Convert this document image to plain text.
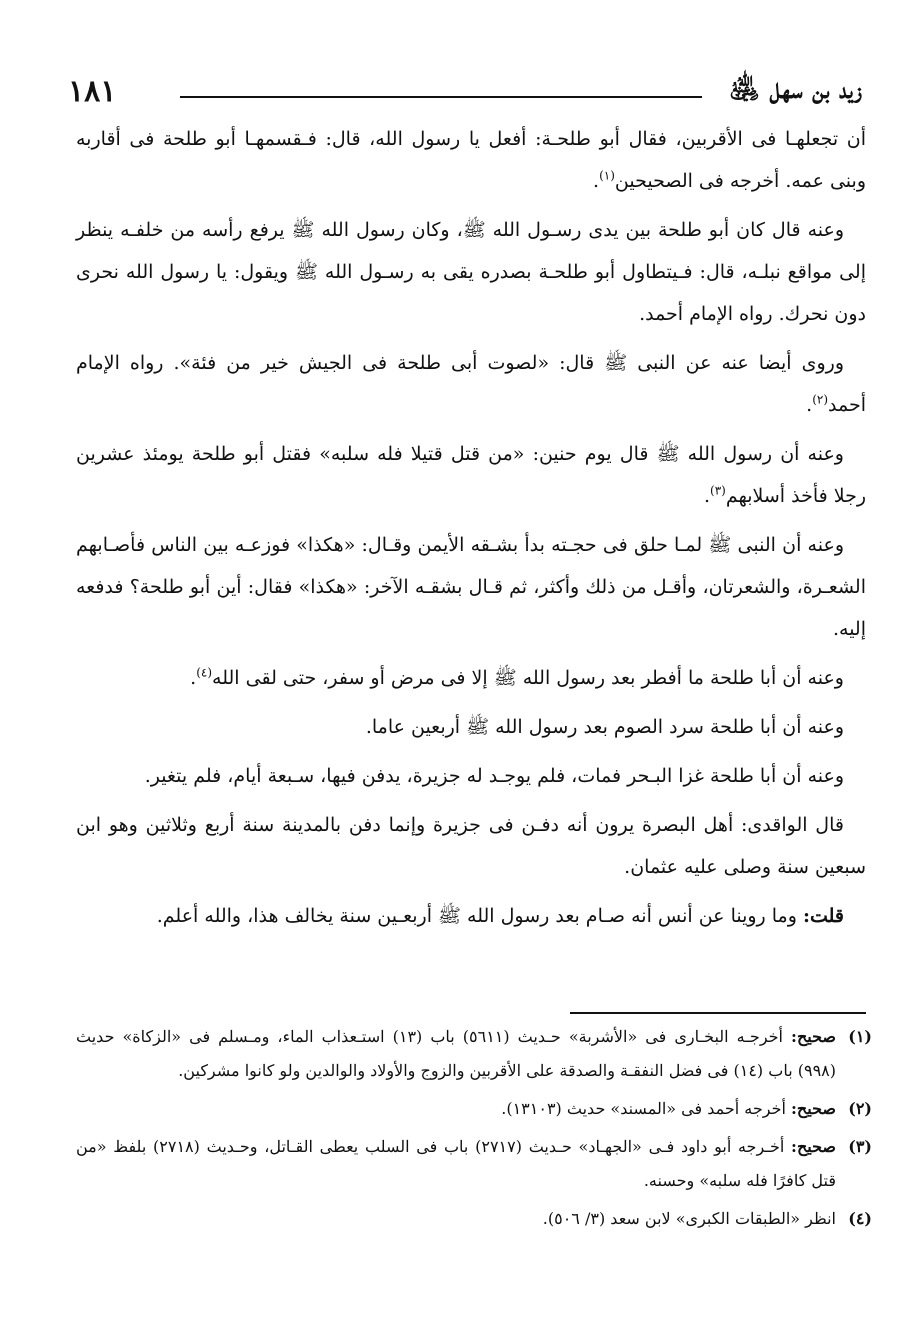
زيد بن سهل ﵁
١٨١

أن تجعلهـا فى الأقربين، فقال أبو طلحـة: أفعل يا رسول الله، قال: فـقسمهـا أبو طلحة فى أقاربه وبنى عمه. أخرجه فى الصحيحين$^{(١)}$.

وعنه قال كان أبو طلحة بين يدى رسـول الله ﷺ، وكان رسول الله ﷺ يرفع رأسه من خلفـه ينظر إلى مواقع نبلـه، قال: فـيتطاول أبو طلحـة بصدره يقى به رسـول الله ﷺ ويقول: يا رسول الله نحرى دون نحرك. رواه الإمام أحمد.

وروى أيضا عنه عن النبى ﷺ قال: «لصوت أبى طلحة فى الجيش خير من فئة». رواه الإمام أحمد$^{(٢)}$.

وعنه أن رسول الله ﷺ قال يوم حنين: «من قتل قتيلا فله سلبه» فقتل أبو طلحة يومئذ عشرين رجلا فأخذ أسلابهم$^{(٣)}$.

وعنه أن النبى ﷺ لمـا حلق فى حجـته بدأ بشـقه الأيمن وقـال: «هكذا» فوزعـه بين الناس فأصـابهم الشعـرة، والشعرتان، وأقـل من ذلك وأكثر، ثم قـال بشقـه الآخر: «هكذا» فقال: أين أبو طلحة؟ فدفعه إليه.

وعنه أن أبا طلحة ما أفطر بعد رسول الله ﷺ إلا فى مرض أو سفر، حتى لقى الله$^{(٤)}$.

وعنه أن أبا طلحة سرد الصوم بعد رسول الله ﷺ أربعين عاما.

وعنه أن أبا طلحة غزا البـحر فمات، فلم يوجـد له جزيرة، يدفن فيها، سـبعة أيام، فلم يتغير.

قال الواقدى: أهل البصرة يرون أنه دفـن فى جزيرة وإنما دفن بالمدينة سنة أربع وثلاثين وهو ابن سبعين سنة وصلى عليه عثمان.

قلت: وما روينا عن أنس أنه صـام بعد رسول الله ﷺ أربعـين سنة يخالف هذا، والله أعلم.

(١)
صحيح: أخرجـه البخـارى فى «الأشربة» حـديث (٥٦١١) باب (١٣) استـعذاب الماء، ومـسلم فى «الزكاة» حديث (٩٩٨) باب (١٤) فى فضل النفقـة والصدقة على الأقربين والزوج والأولاد والوالدين ولو كانوا مشركين.
(٢)
صحيح: أخرجه أحمد فى «المسند» حديث (١٣١٠٣).
(٣)
صحيح: أخـرجه أبو داود فـى «الجهـاد» حـديث (٢٧١٧) باب فى السلب يعطى القـاتل، وحـديث (٢٧١٨) بلفظ «من قتل كافرًا فله سلبه» وحسنه.
(٤)
انظر «الطبقات الكبرى» لابن سعد (٣/ ٥٠٦).
